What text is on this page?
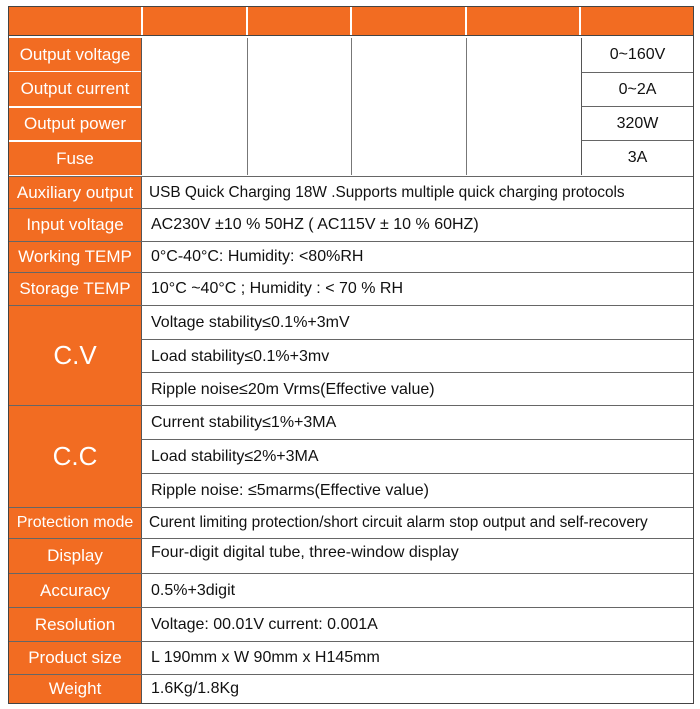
Output voltage	0~160V
Output current	0~2A
Output power	320W
Fuse	3A
Auxiliary output	USB Quick Charging 18W .Supports multiple quick charging protocols
Input voltage	AC230V ±10 % 50HZ ( AC115V ± 10 % 60HZ)
Working TEMP	0°C-40°C: Humidity: <80%RH
Storage TEMP	10°C ~40°C ; Humidity : < 70 % RH
C.V
Voltage stability≤0.1%+3mV
Load stability≤0.1%+3mv
Ripple noise≤20m Vrms(Effective value)
C.C
Current stability≤1%+3MA
Load stability≤2%+3MA
Ripple noise: ≤5marms(Effective value)
Protection mode	Curent limiting protection/short circuit alarm stop output and self-recovery
Display	Four-digit digital tube, three-window display
Accuracy	0.5%+3digit
Resolution	Voltage: 00.01V current: 0.001A
Product size	L 190mm x W 90mm x H145mm
Weight	1.6Kg/1.8Kg
